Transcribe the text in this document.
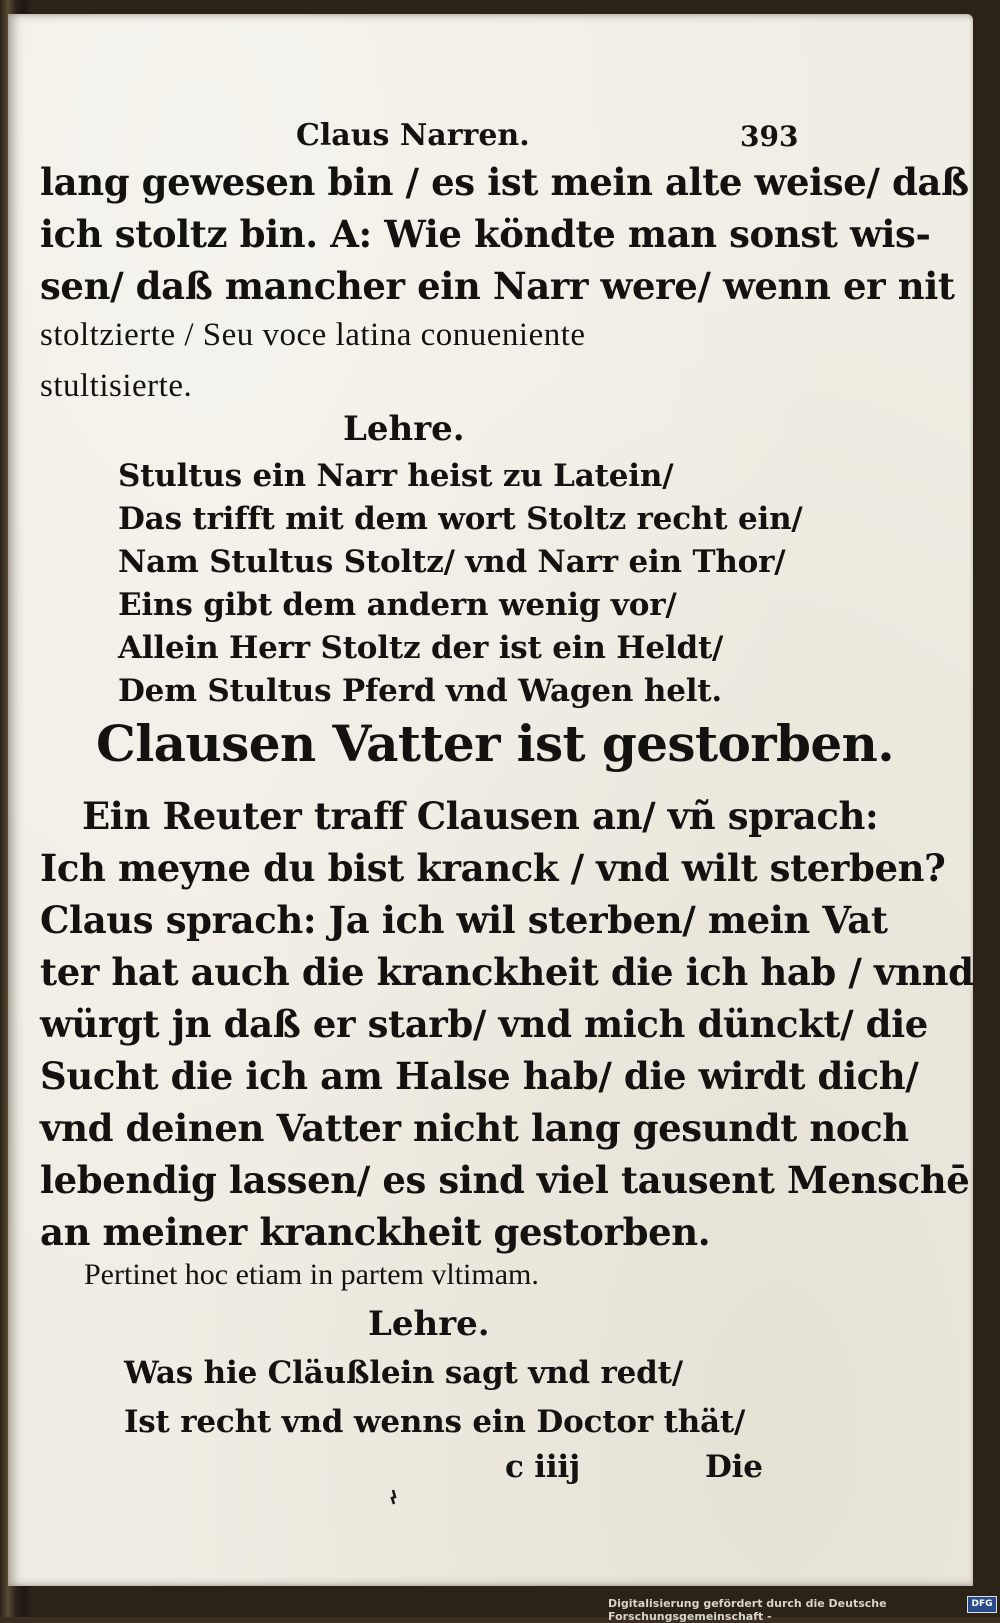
Claus Narren.	393
lang gewesen bin / es ist mein alte weise/ daß
ich stoltz bin. A: Wie köndte man sonst wis-
sen/ daß mancher ein Narr were/ wenn er nit
stoltzierte / Seu voce latina conueniente
stultisierte.
Lehre.
Stultus ein Narr heist zu Latein/
Das trifft mit dem wort Stoltz recht ein/
Nam Stultus Stoltz/ vnd Narr ein Thor/
Eins gibt dem andern wenig vor/
Allein Herr Stoltz der ist ein Heldt/
Dem Stultus Pferd vnd Wagen helt.
Clausen Vatter ist gestorben.
Ein Reuter traff Clausen an/ vñ sprach:
Ich meyne du bist kranck / vnd wilt sterben?
Claus sprach: Ja ich wil sterben/ mein Vat
ter hat auch die kranckheit die ich hab / vnnd
würgt jn daß er starb/ vnd mich dünckt/ die
Sucht die ich am Halse hab/ die wirdt dich/
vnd deinen Vatter nicht lang gesundt noch
lebendig lassen/ es sind viel tausent Menschē
an meiner kranckheit gestorben.
Pertinet hoc etiam in partem vltimam.
Lehre.
Was hie Cläußlein sagt vnd redt/
Ist recht vnd wenns ein Doctor thät/
c iiij	Die
Digitalisierung gefördert durch die Deutsche Forschungsgemeinschaft -
DFG
